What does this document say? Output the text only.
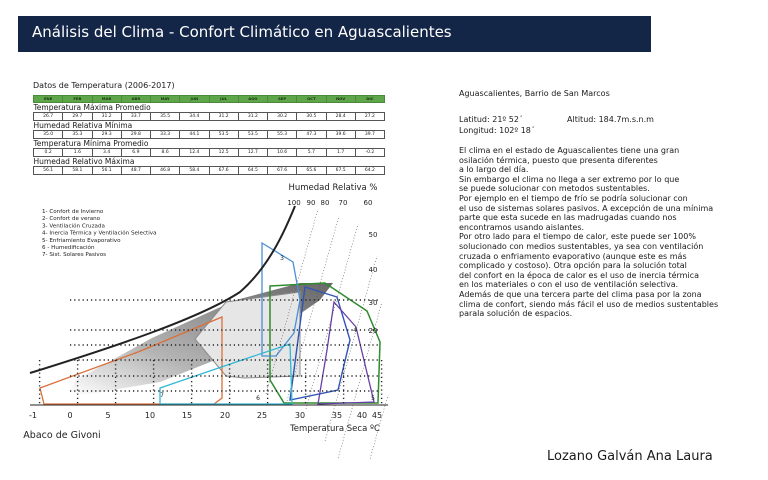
Análisis del Clima - Confort Climático en Aguascalientes
Datos de Temperatura (2006-2017)
ENE	FEB	MAR	ABR	MAY	JUN	JUL	AGO	SEP	OCT	NOV	DIC
Temperatura Máxima Promedio											
26.7	29.7	31.2	33.7	35.5	34.4	31.2	31.2	30.2	30.5	28.4	27.2
Humedad Relativa Mínima											
35.0	35.3	29.3	29.8	33.3	44.1	53.5	53.5	55.3	47.3	39.6	39.7
Temperatura Mínima Promedio											
0.2	1.6	3.4	6.9	8.6	12.4	12.5	12.7	10.6	5.7	1.7	-0.2
Humedad Relativo Máxima											
56.1	58.1	56.1	48.7	46.8	58.4	67.6	64.5	67.6	65.6	67.5	64.2
Humedad Relativa %
Temperatura Seca ºC
Abaco de Givoni
-1	0	5	10	15	20	25	30	35 40 45
100 90 80 70 60
50
40
30
20
1- Confort de Invierno
2- Confort de verano
3- Ventilación Cruzada
4- Inercia Térmica y Ventilación Selectiva
5- Enfriamiento Evaporativo
6 - Humedificación
7- Sist. Solares Pasivos	3
4
5
6
7
Aguascalientes, Barrio de San Marcos
Latitud: 21º 52´	Altitud: 184.7m.s.n.m
Longitud: 102º 18´
El clima en el estado de Aguascalientes tiene una gran
osilación térmica, puesto que presenta diferentes
a lo largo del día.
Sin embargo el clima no llega a ser extremo por lo que
se puede solucionar con metodos sustentables.
Por ejemplo en el tiempo de frío se podría solucionar con
el uso de sistemas solares pasivos. A excepción de una mínima
parte que esta sucede en las madrugadas cuando nos
encontramos usando aislantes.
Por otro lado para el tiempo de calor, este puede ser 100%
solucionado con medios sustentables, ya sea con ventilación
cruzada o enfriamento evaporativo (aunque este es más
complicado y costoso). Otra opción para la solución total
del confort en la época de calor es el uso de inercia térmica
en los materiales o con el uso de ventilación selectiva.
Además de que una tercera parte del clima pasa por la zona
clima de confort, siendo más fácil el uso de medios sustentables
parala solución de espacios.
Lozano Galván Ana Laura
